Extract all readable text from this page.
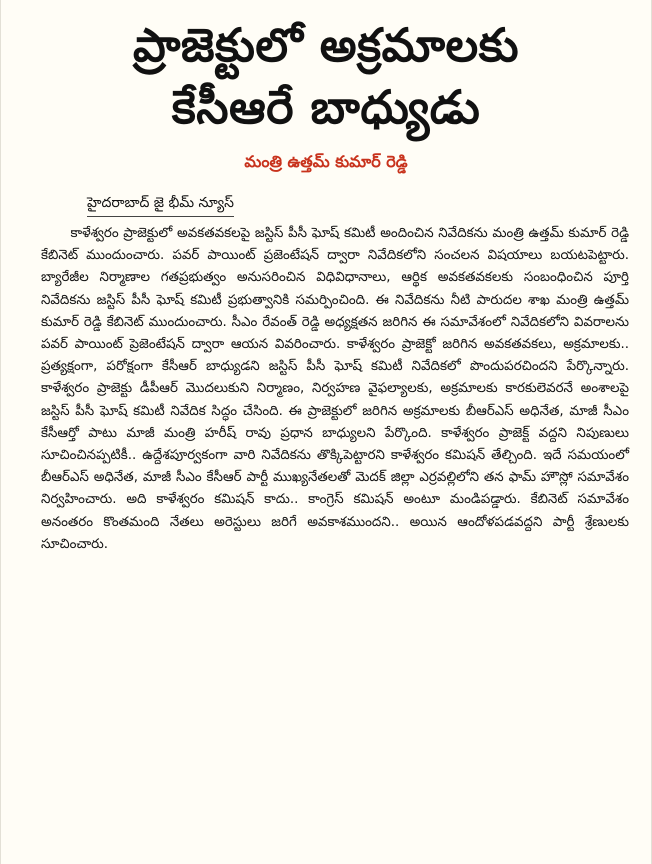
ప్రాజెక్టులో అక్రమాలకు
కేసీఆరే బాధ్యుడు
మంత్రి ఉత్తమ్ కుమార్ రెడ్డి
హైదరాబాద్ జై భీమ్ న్యూస్

కాళేశ్వరం ప్రాజెక్టులో అవకతవకలపై జస్టిస్ పీసీ ఘోష్ కమిటీ అందించిన నివేదికను మంత్రి ఉత్తమ్ కుమార్ రెడ్డి కేబినెట్ ముందుంచారు. పవర్ పాయింట్ ప్రజెంటేషన్ ద్వారా నివేదికలోని సంచలన విషయాలు బయటపెట్టారు. బ్యారేజీల నిర్మాణాల గతప్రభుత్వం అనుసరించిన విధివిధానాలు, ఆర్థిక అవకతవకలకు సంబంధించిన పూర్తి నివేదికను జస్టిస్ పీసీ ఘోష్ కమిటీ ప్రభుత్వానికి సమర్పించింది. ఈ నివేదికను నీటి పారుదల శాఖ మంత్రి ఉత్తమ్ కుమార్ రెడ్డి కేబినెట్ ముందుంచారు. సీఎం రేవంత్ రెడ్డి అధ్యక్షతన జరిగిన ఈ సమావేశంలో నివేదికలోని వివరాలను పవర్ పాయింట్ ప్రెజెంటేషన్ ద్వారా ఆయన వివరించారు. కాళేశ్వరం ప్రాజెక్టో జరిగిన అవకతవకలు, అక్రమాలకు.. ప్రత్యక్షంగా, పరోక్షంగా కేసీఆర్ బాధ్యుడని జస్టిస్ పీసీ ఘోష్ కమిటీ నివేదికలో పొందుపరచిందని పేర్కొన్నారు. కాళేశ్వరం ప్రాజెక్టు డీపీఆర్ మొదలుకుని నిర్మాణం, నిర్వహణ వైఫల్యాలకు, అక్రమాలకు కారకులెవరనే అంశాలపై జస్టిస్ పీసీ ఘోష్ కమిటీ నివేదిక సిద్ధం చేసింది. ఈ ప్రాజెక్టులో జరిగిన అక్రమాలకు బీఆర్ఎస్ అధినేత, మాజీ సీఎం కేసీఆర్తో పాటు మాజీ మంత్రి హరీష్ రావు ప్రధాన బాధ్యులని పేర్కొంది. కాళేశ్వరం ప్రాజెక్ట్ వద్దని నిపుణులు సూచించినప్పటికీ.. ఉద్దేశపూర్వకంగా వారి నివేదికను తొక్కిపెట్టారని కాళేశ్వరం కమిషన్ తేల్చింది. ఇదే సమయంలో బీఆర్ఎస్ అధినేత, మాజీ సీఎం కేసీఆర్ పార్టీ ముఖ్యనేతలతో మెదక్ జిల్లా ఎర్రవల్లిలోని తన ఫామ్ హౌస్లో సమావేశం నిర్వహించారు. అది కాళేశ్వరం కమిషన్ కాదు.. కాంగ్రెస్ కమిషన్ అంటూ మండిపడ్డారు. కేబినెట్ సమావేశం అనంతరం కొంతమంది నేతలు అరెస్టులు జరిగే అవకాశముందని.. అయిన ఆందోళపడవద్దని పార్టీ శ్రేణులకు సూచించారు.
